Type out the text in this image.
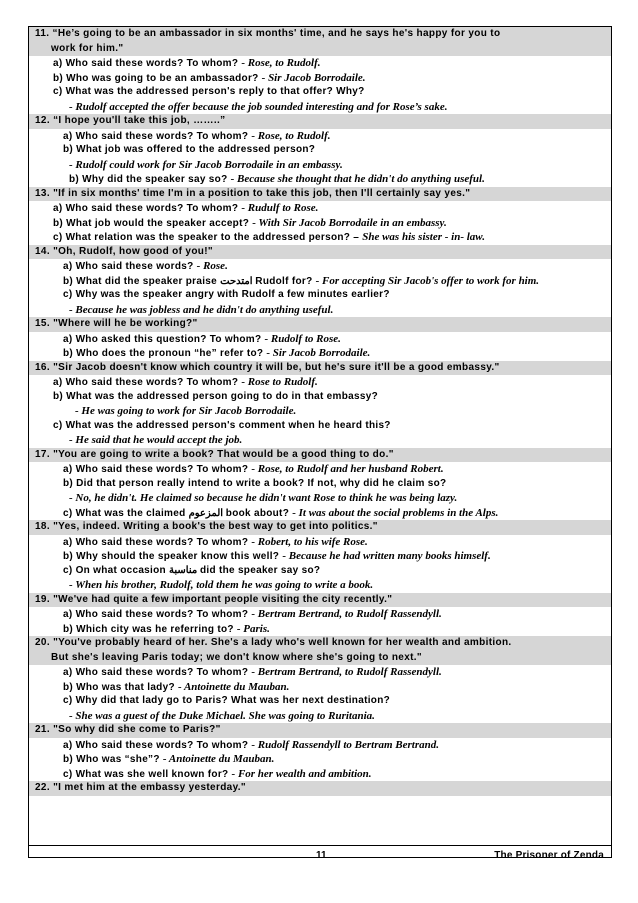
11. “He’s going to be an ambassador in six months' time, and he says he's happy for you to
work for him."
a) Who said these words? To whom? - Rose, to Rudolf.
b) Who was going to be an ambassador? - Sir Jacob Borrodaile.
c) What was the addressed person's reply to that offer? Why?
- Rudolf accepted the offer because the job sounded interesting and for Rose’s sake.
12. “I hope you'll take this job, ……..”
a) Who said these words? To whom? - Rose, to Rudolf.
b) What job was offered to the addressed person?
- Rudolf could work for Sir Jacob Borrodaile in an embassy.
b) Why did the speaker say so? - Because she thought that he didn't do anything useful.
13. "If in six months' time I'm in a position to take this job, then I'll certainly say yes."
a) Who said these words? To whom? - Rudulf to Rose.
b) What job would the speaker accept? - With Sir Jacob Borrodaile in an embassy.
c) What relation was the speaker to the addressed person? – She was his sister - in- law.
14. "Oh, Rudolf, how good of you!"
a) Who said these words? - Rose.
b) What did the speaker praise امتدحت Rudolf for? - For accepting Sir Jacob's offer to work for him.
c) Why was the speaker angry with Rudolf a few minutes earlier?
- Because he was jobless and he didn't do anything useful.
15. "Where will he be working?"
a) Who asked this question? To whom? - Rudolf to Rose.
b) Who does the pronoun “he” refer to? - Sir Jacob Borrodaile.
16. "Sir Jacob doesn't know which country it will be, but he's sure it'll be a good embassy."
a) Who said these words? To whom? - Rose to Rudolf.
b) What was the addressed person going to do in that embassy?
- He was going to work for Sir Jacob Borrodaile.
c) What was the addressed person's comment when he heard this?
- He said that he would accept the job.
17. "You are going to write a book? That would be a good thing to do."
a) Who said these words? To whom? - Rose, to Rudolf and her husband Robert.
b) Did that person really intend to write a book? If not, why did he claim so?
- No, he didn't. He claimed so because he didn't want Rose to think he was being lazy.
c) What was the claimed المزعوم book about? - It was about the social problems in the Alps.
18. "Yes, indeed. Writing a book's the best way to get into politics."
a) Who said these words? To whom? - Robert, to his wife Rose.
b) Why should the speaker know this well? - Because he had written many books himself.
c) On what occasion مناسبة did the speaker say so?
- When his brother, Rudolf, told them he was going to write a book.
19. "We've had quite a few important people visiting the city recently."
a) Who said these words? To whom? - Bertram Bertrand, to Rudolf Rassendyll.
b) Which city was he referring to? - Paris.
20. "You've probably heard of her. She's a lady who's well known for her wealth and ambition.
But she's leaving Paris today; we don't know where she's going to next."
a) Who said these words? To whom? - Bertram Bertrand, to Rudolf Rassendyll.
b) Who was that lady? - Antoinette du Mauban.
c) Why did that lady go to Paris? What was her next destination?
- She was a guest of the Duke Michael. She was going to Ruritania.
21. "So why did she come to Paris?"
a) Who said these words? To whom? - Rudolf Rassendyll to Bertram Bertrand.
b) Who was “she”? - Antoinette du Mauban.
c) What was she well known for? - For her wealth and ambition.
22. "I met him at the embassy yesterday."
11	The Prisoner of Zenda
